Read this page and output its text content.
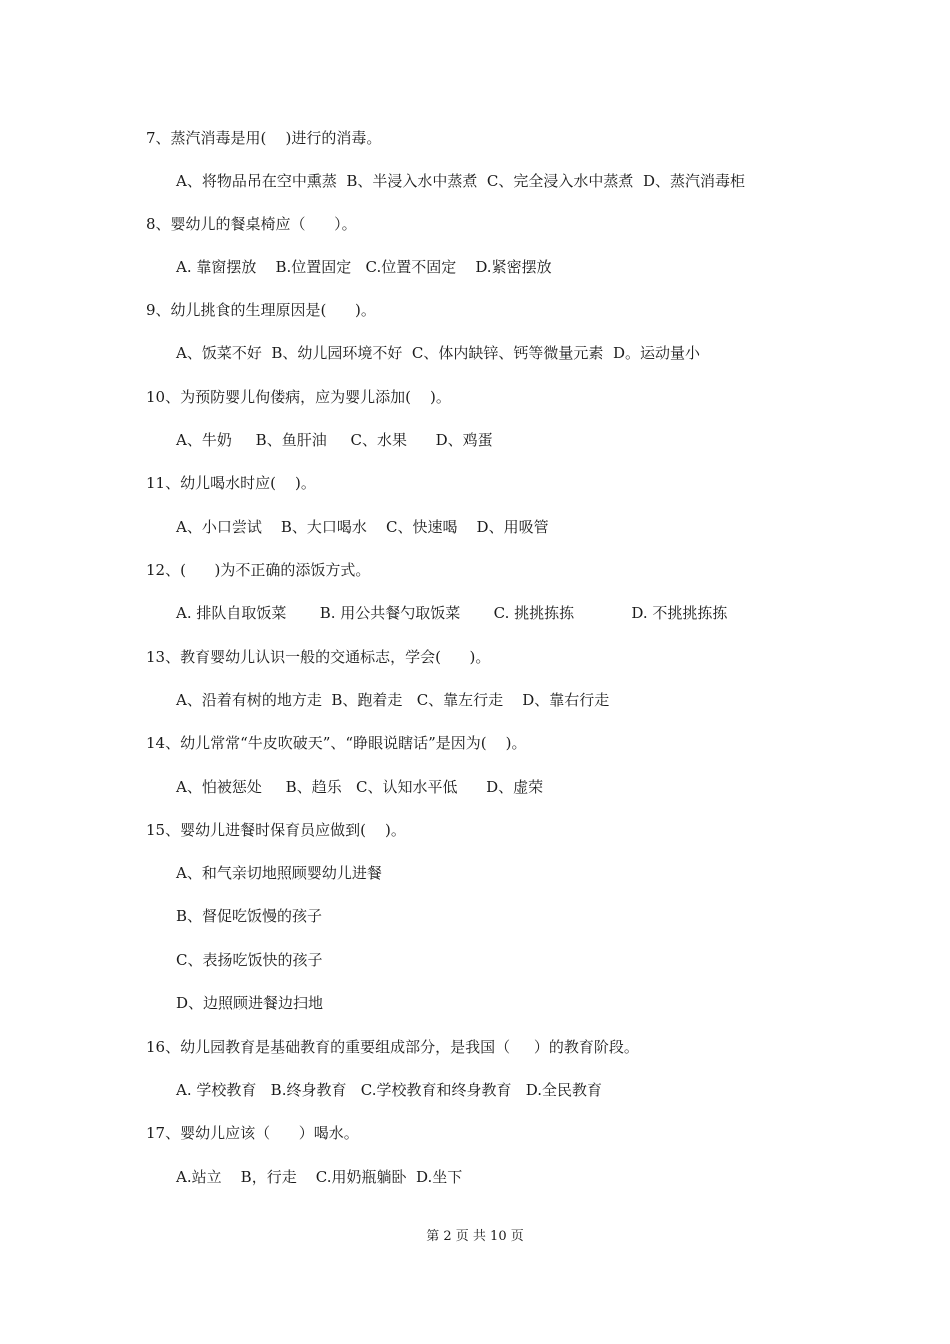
7、蒸汽消毒是用(    )进行的消毒。
A、将物品吊在空中熏蒸  B、半浸入水中蒸煮  C、完全浸入水中蒸煮  D、蒸汽消毒柜
8、婴幼儿的餐桌椅应（      ）。
A. 靠窗摆放    B.位置固定   C.位置不固定    D.紧密摆放
9、幼儿挑食的生理原因是(      )。
A、饭菜不好  B、幼儿园环境不好  C、体内缺锌、钙等微量元素  D。运动量小
10、为预防婴儿佝偻病，应为婴儿添加(    )。
A、牛奶     B、鱼肝油     C、水果      D、鸡蛋
11、幼儿喝水时应(    )。
A、小口尝试    B、大口喝水    C、快速喝    D、用吸管
12、(      )为不正确的添饭方式。
A. 排队自取饭菜       B. 用公共餐勺取饭菜       C. 挑挑拣拣            D. 不挑挑拣拣
13、教育婴幼儿认识一般的交通标志，学会(      )。
A、沿着有树的地方走  B、跑着走   C、靠左行走    D、靠右行走
14、幼儿常常“牛皮吹破天”、“睁眼说瞎话”是因为(    )。
A、怕被惩处     B、趋乐   C、认知水平低      D、虚荣
15、婴幼儿进餐时保育员应做到(    )。
A、和气亲切地照顾婴幼儿进餐
B、督促吃饭慢的孩子
C、表扬吃饭快的孩子
D、边照顾进餐边扫地
16、幼儿园教育是基础教育的重要组成部分，是我国（     ）的教育阶段。
A. 学校教育   B.终身教育   C.学校教育和终身教育   D.全民教育
17、婴幼儿应该（      ）喝水。
A.站立    B，行走    C.用奶瓶躺卧  D.坐下
第 2 页 共 10 页
